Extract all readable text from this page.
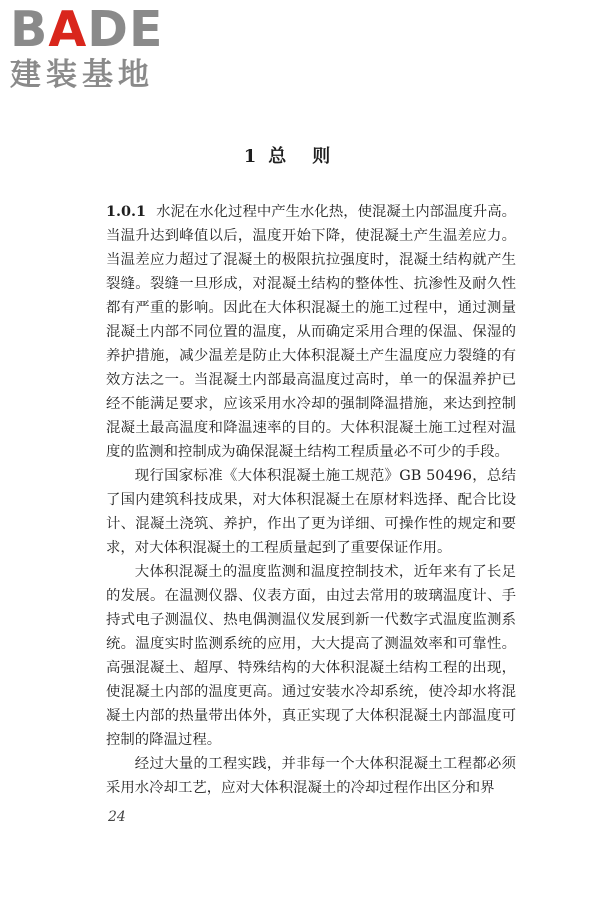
BADE
建装基地
1 总则

1.0.1 水泥在水化过程中产生水化热，使混凝土内部温度升高。当温升达到峰值以后，温度开始下降，使混凝土产生温差应力。当温差应力超过了混凝土的极限抗拉强度时，混凝土结构就产生裂缝。裂缝一旦形成，对混凝土结构的整体性、抗渗性及耐久性都有严重的影响。因此在大体积混凝土的施工过程中，通过测量混凝土内部不同位置的温度，从而确定采用合理的保温、保湿的养护措施，减少温差是防止大体积混凝土产生温度应力裂缝的有效方法之一。当混凝土内部最高温度过高时，单一的保温养护已经不能满足要求，应该采用水冷却的强制降温措施，来达到控制混凝土最高温度和降温速率的目的。大体积混凝土施工过程对温度的监测和控制成为确保混凝土结构工程质量必不可少的手段。

现行国家标准《大体积混凝土施工规范》GB 50496，总结了国内建筑科技成果，对大体积混凝土在原材料选择、配合比设计、混凝土浇筑、养护，作出了更为详细、可操作性的规定和要求，对大体积混凝土的工程质量起到了重要保证作用。

大体积混凝土的温度监测和温度控制技术，近年来有了长足的发展。在温测仪器、仪表方面，由过去常用的玻璃温度计、手持式电子测温仪、热电偶测温仪发展到新一代数字式温度监测系统。温度实时监测系统的应用，大大提高了测温效率和可靠性。高强混凝土、超厚、特殊结构的大体积混凝土结构工程的出现，使混凝土内部的温度更高。通过安装水冷却系统，使冷却水将混凝土内部的热量带出体外，真正实现了大体积混凝土内部温度可控制的降温过程。

经过大量的工程实践，并非每一个大体积混凝土工程都必须采用水冷却工艺，应对大体积混凝土的冷却过程作出区分和界

24
